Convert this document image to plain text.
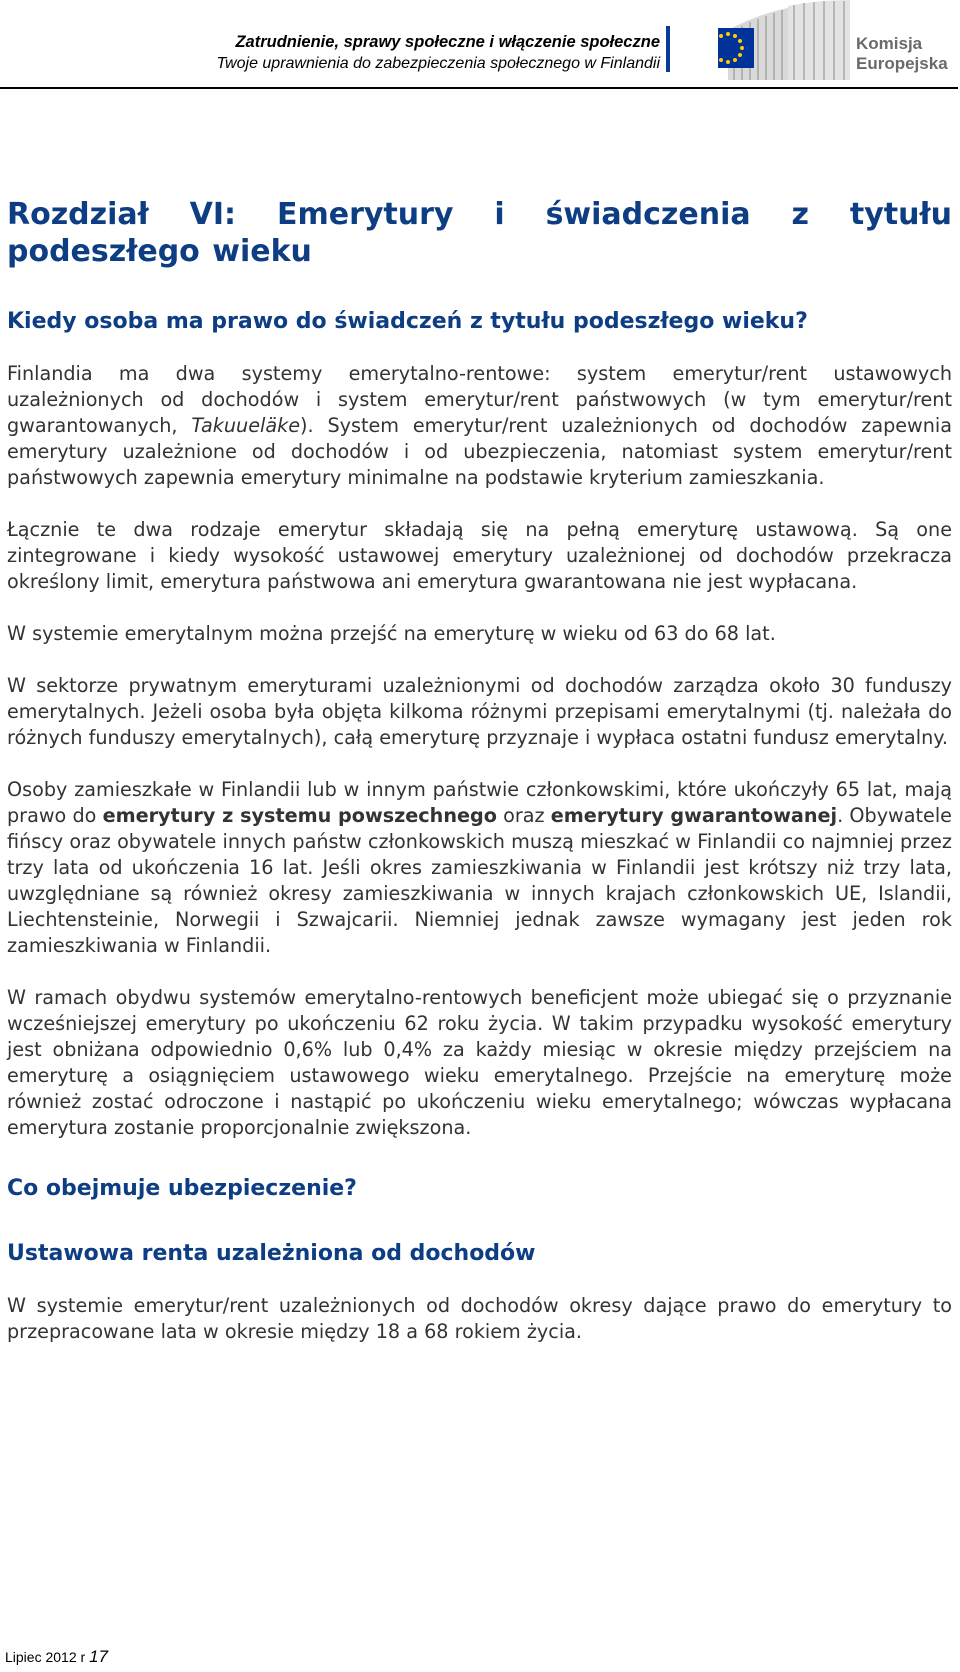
Zatrudnienie, sprawy społeczne i włączenie społeczne
Twoje uprawnienia do zabezpieczenia społecznego w Finlandii
Komisja
Europejska
Rozdział VI: Emerytury i świadczenia z tytułu podeszłego wieku
Kiedy osoba ma prawo do świadczeń z tytułu podeszłego wieku?

Finlandia ma dwa systemy emerytalno-rentowe: system emerytur/rent ustawowych uzależnionych od dochodów i system emerytur/rent państwowych (w tym emerytur/rent gwarantowanych, Takuueläke). System emerytur/rent uzależnionych od dochodów zapewnia emerytury uzależnione od dochodów i od ubezpieczenia, natomiast system emerytur/rent państwowych zapewnia emerytury minimalne na podstawie kryterium zamieszkania.

Łącznie te dwa rodzaje emerytur składają się na pełną emeryturę ustawową. Są one zintegrowane i kiedy wysokość ustawowej emerytury uzależnionej od dochodów przekracza określony limit, emerytura państwowa ani emerytura gwarantowana nie jest wypłacana.

W systemie emerytalnym można przejść na emeryturę w wieku od 63 do 68 lat.

W sektorze prywatnym emeryturami uzależnionymi od dochodów zarządza około 30 funduszy emerytalnych. Jeżeli osoba była objęta kilkoma różnymi przepisami emerytalnymi (tj. należała do różnych funduszy emerytalnych), całą emeryturę przyznaje i wypłaca ostatni fundusz emerytalny.

Osoby zamieszkałe w Finlandii lub w innym państwie członkowskimi, które ukończyły 65 lat, mają prawo do emerytury z systemu powszechnego oraz emerytury gwarantowanej. Obywatele fińscy oraz obywatele innych państw członkowskich muszą mieszkać w Finlandii co najmniej przez trzy lata od ukończenia 16 lat. Jeśli okres zamieszkiwania w Finlandii jest krótszy niż trzy lata, uwzględniane są również okresy zamieszkiwania w innych krajach członkowskich UE, Islandii, Liechtensteinie, Norwegii i Szwajcarii. Niemniej jednak zawsze wymagany jest jeden rok zamieszkiwania w Finlandii.

W ramach obydwu systemów emerytalno-rentowych beneficjent może ubiegać się o przyznanie wcześniejszej emerytury po ukończeniu 62 roku życia. W takim przypadku wysokość emerytury jest obniżana odpowiednio 0,6% lub 0,4% za każdy miesiąc w okresie między przejściem na emeryturę a osiągnięciem ustawowego wieku emerytalnego. Przejście na emeryturę może również zostać odroczone i nastąpić po ukończeniu wieku emerytalnego; wówczas wypłacana emerytura zostanie proporcjonalnie zwiększona.

Co obejmuje ubezpieczenie?
Ustawowa renta uzależniona od dochodów

W systemie emerytur/rent uzależnionych od dochodów okresy dające prawo do emerytury to przepracowane lata w okresie między 18 a 68 rokiem życia.

Lipiec 2012 r 17
